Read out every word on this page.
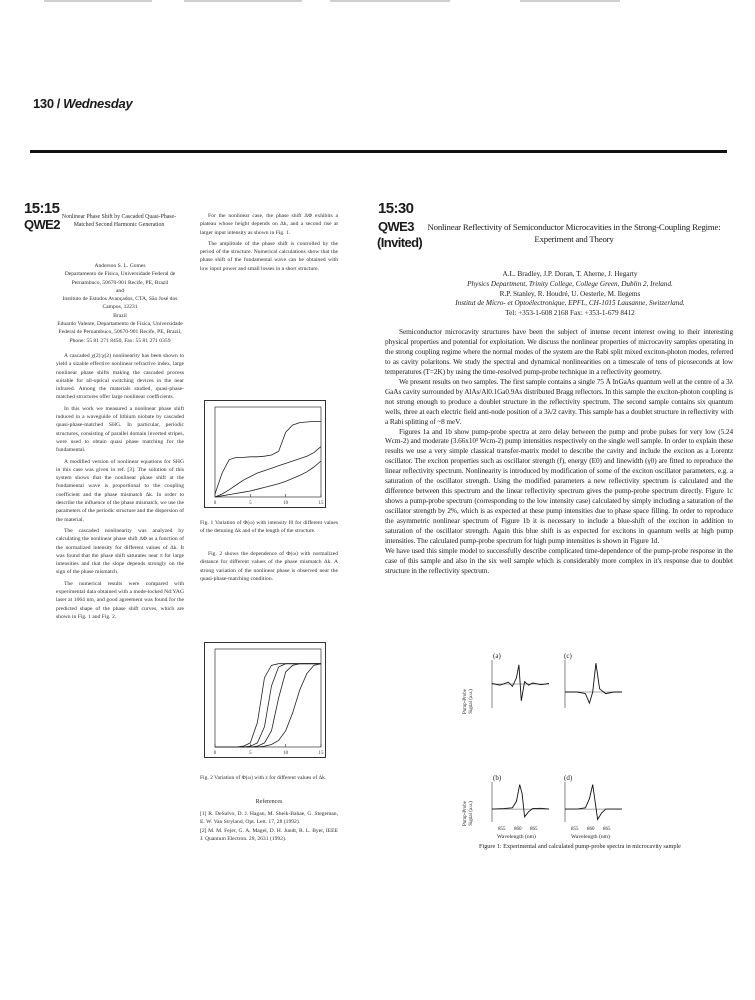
130 / Wednesday
15:15
QWE2 Nonlinear Phase Shift by Cascaded Quasi-Phase-Matched Second Harmonic Generation
Anderson S. L. Gomes
Departamento de Física, Universidade Federal de
Pernambuco, 50670-901 Recife, PE, Brazil
and
Instituto de Estudos Avançados, CTA, São José dos Campos, 12231
Brazil
Eduardo Valente, Departamento de Física, Universidade
Federal de Pernambuco, 50670-901 Recife, PE, Brazil,
Phone: 55 81 271 8450, Fax: 55 81 271 0359

A cascaded χ(2):χ(2) nonlinearity has been shown to yield a sizable effective nonlinear refractive index, large nonlinear phase shifts making the cascaded process suitable for all-optical switching devices in the near infrared. Among the materials studied, quasi-phase-matched structures offer large nonlinear coefficients.

In this work we measured a nonlinear phase shift induced in a waveguide of lithium niobate by cascaded quasi-phase-matched SHG. In particular, periodic structures, consisting of parallel domain inverted stripes, were used to obtain quasi phase matching for the fundamental.

A modified version of nonlinear equations for SHG in this case was given in ref. [3]. The solution of this system shows that the nonlinear phase shift at the fundamental wave is proportional to the coupling coefficient and the phase mismatch Δk. In order to describe the influence of the phase mismatch, we use the parameters of the periodic structure and the dispersion of the material.

The cascaded nonlinearity was analyzed by calculating the nonlinear phase shift ΔΦ as a function of the normalized intensity for different values of Δk. It was found that the phase shift saturates near π for large intensities and that the slope depends strongly on the sign of the phase mismatch.

The numerical results were compared with experimental data obtained with a mode-locked Nd:YAG laser at 1064 nm, and good agreement was found for the predicted shape of the phase shift curves, which are shown in Fig. 1 and Fig. 2.

For the nonlinear case, the phase shift ΔΦ exhibits a plateau whose height depends on Δk, and a second rise at larger input intensity as shown in Fig. 1.

The amplitude of the phase shift is controlled by the period of the structure. Numerical calculations show that the phase shift of the fundamental wave can be obtained with low input power and small losses in a short structure.

0	5	10	15
Fig. 1 Variation of Φ(ω) with intensity I0 for different values of the detuning Δk and of the length of the structure.

Fig. 2 shows the dependence of Φ(ω) with normalized distance for different values of the phase mismatch Δk. A strong variation of the nonlinear phase is observed near the quasi-phase-matching condition.

0	5	10	15
Fig. 2 Variation of Φ(ω) with z for different values of Δk.
References
[1] R. DeSalvo, D. J. Hagan, M. Sheik-Bahae, G. Stegeman, E. W. Van Stryland, Opt. Lett. 17, 28 (1992).
[2] M. M. Fejer, G. A. Magel, D. H. Jundt, R. L. Byer, IEEE J. Quantum Electron. 28, 2631 (1992).
15:30
QWE3
(Invited)
Nonlinear Reflectivity of Semiconductor Microcavities in the Strong-Coupling Regime: Experiment and Theory
A.L. Bradley, J.P. Doran, T. Aherne, J. Hegarty
Physics Department, Trinity College, College Green, Dublin 2, Ireland.
R.P. Stanley, R. Houdré, U. Oesterle, M. Ilegems
Institut de Micro- et Optoélectronique, EPFL, CH-1015 Lausanne, Switzerland.
Tel: +353-1-608 2168 Fax: +353-1-679 8412

Semiconductor microcavity structures have been the subject of intense recent interest owing to their interesting physical properties and potential for exploitation. We discuss the nonlinear properties of microcavity samples operating in the strong coupling regime where the normal modes of the system are the Rabi split mixed exciton-photon modes, referred to as cavity polaritons. We study the spectral and dynamical nonlinearities on a timescale of tens of picoseconds at low temperatures (T=2K) by using the time-resolved pump-probe technique in a reflectivity geometry.

We present results on two samples. The first sample contains a single 75 Å InGaAs quantum well at the centre of a 3λ GaAs cavity surrounded by AlAs/Al0.1Ga0.9As distributed Bragg reflectors. In this sample the exciton-photon coupling is not strong enough to produce a doublet structure in the reflectivity spectrum. The second sample contains six quantum wells, three at each electric field anti-node position of a 3λ/2 cavity. This sample has a doublet structure in reflectivity with a Rabi splitting of ~8 meV.

Figures 1a and 1b show pump-probe spectra at zero delay between the pump and probe pulses for very low (5.24 Wcm-2) and moderate (3.66x10³ Wcm-2) pump intensities respectively on the single well sample. In order to explain these results we use a very simple classical transfer-matrix model to describe the cavity and include the exciton as a Lorentz oscillator. The exciton properties such as oscillator strength (f), energy (E0) and linewidth (γ0) are fitted to reproduce the linear reflectivity spectrum. Nonlinearity is introduced by modification of some of the exciton oscillator parameters, e.g. a saturation of the oscillator strength. Using the modified parameters a new reflectivity spectrum is calculated and the difference between this spectrum and the linear reflectivity spectrum gives the pump-probe spectrum directly. Figure 1c shows a pump-probe spectrum (corresponding to the low intensity case) calculated by simply including a saturation of the oscillator strength by 2%, which is as expected at these pump intensities due to phase space filling. In order to reproduce the asymmetric nonlinear spectrum of Figure 1b it is necessary to include a blue-shift of the exciton in addition to saturation of the oscillator strength. Again this blue shift is as expected for excitons in quantum wells at high pump intensities. The calculated pump-probe spectrum for high pump intensities is shown in Figure 1d.

We have used this simple model to successfully describe complicated time-dependence of the pump-probe response in the case of this sample and also in the six well sample which is considerably more complex in it's response due to doublet structure in the reflectivity spectrum.

(a)	(c)
(b)	(d)
Pump-Probe Signal (a.u.)
Pump-Probe Signal (a.u.)
855 860 865	855 860 865
Wavelength (nm)	Wavelength (nm)
Figure 1: Experimental and calculated pump-probe spectra in microcavity sample
